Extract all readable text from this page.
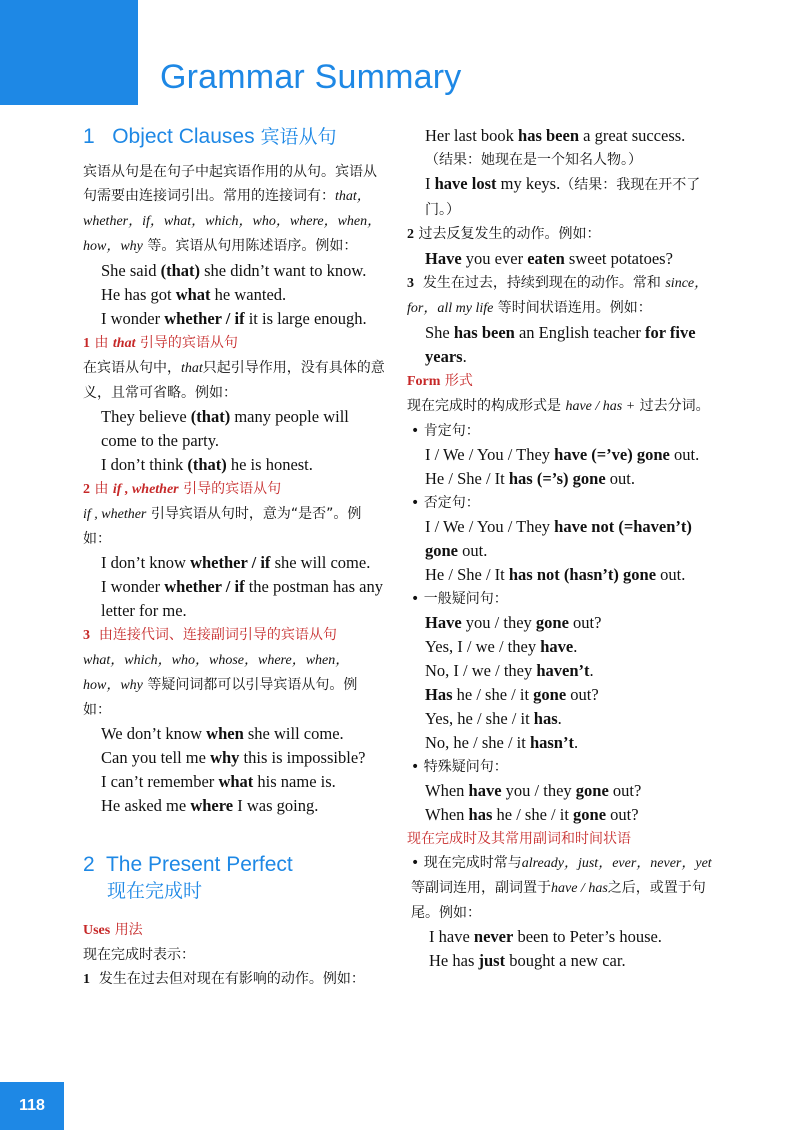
Grammar Summary
1 Object Clauses 宾语从句

宾语从句是在句子中起宾语作用的从句。宾语从句需要由连接词引出。常用的连接词有：that，whether，if，what，which，who，where，when，how，why 等。宾语从句用陈述语序。例如：

She said (that) she didn’t want to know.

He has got what he wanted.

I wonder whether / if it is large enough.

1 由 that 引导的宾语从句

在宾语从句中，that只起引导作用，没有具体的意义，且常可省略。例如：

They believe (that) many people will come to the party.

I don’t think (that) he is honest.

2 由 if , whether 引导的宾语从句

if , whether 引导宾语从句时，意为“是否”。例如：

I don’t know whether / if she will come.

I wonder whether / if the postman has any letter for me.

3 由连接代词、连接副词引导的宾语从句

what，which，who，whose，where，when，how，why 等疑问词都可以引导宾语从句。例如：

We don’t know when she will come.

Can you tell me why this is impossible?

I can’t remember what his name is.

He asked me where I was going.

2 The Present Perfect
现在完成时

Uses 用法

现在完成时表示：

1 发生在过去但对现在有影响的动作。例如：

Her last book has been a great success.

（结果：她现在是一个知名人物。）

I have lost my keys.（结果：我现在开不了门。）

2 过去反复发生的动作。例如：

Have you ever eaten sweet potatoes?

3 发生在过去，持续到现在的动作。常和 since，for，all my life 等时间状语连用。例如：

She has been an English teacher for five years.

Form 形式

现在完成时的构成形式是 have / has + 过去分词。

• 肯定句：

I / We / You / They have (=’ve) gone out.

He / She / It has (=’s) gone out.

• 否定句：

I / We / You / They have not (=haven’t) gone out.

He / She / It has not (hasn’t) gone out.

• 一般疑问句：

Have you / they gone out?

Yes, I / we / they have.

No, I / we / they haven’t.

Has he / she / it gone out?

Yes, he / she / it has.

No, he / she / it hasn’t.

• 特殊疑问句：

When have you / they gone out?

When has he / she / it gone out?

现在完成时及其常用副词和时间状语

• 现在完成时常与already，just，ever，never，yet等副词连用，副词置于have / has之后，或置于句尾。例如：

I have never been to Peter’s house.

He has just bought a new car.

118
